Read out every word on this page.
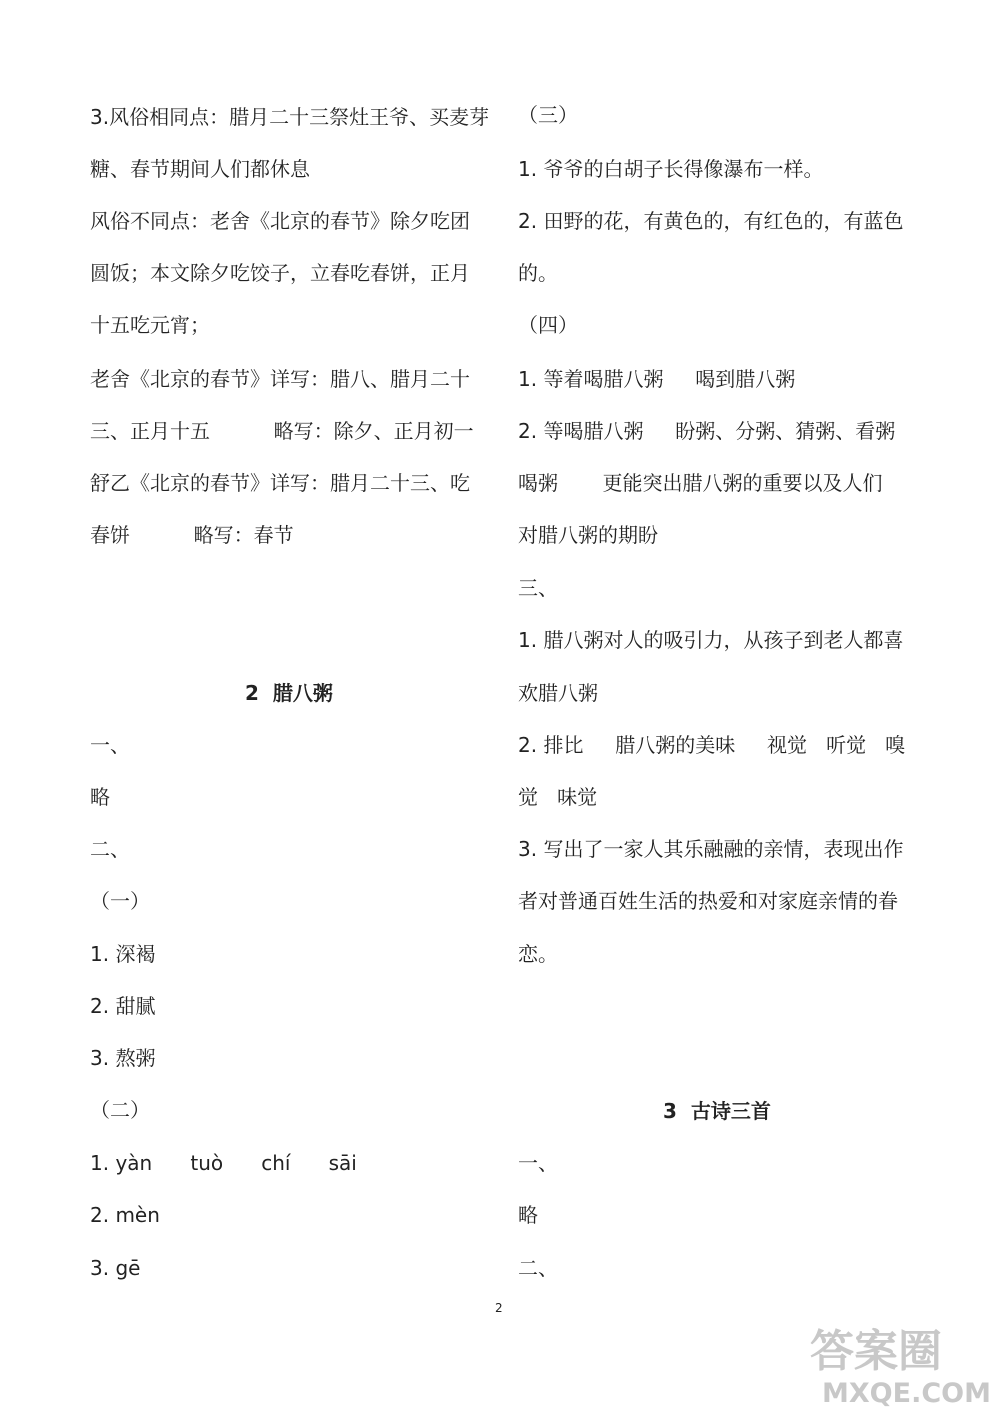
3.风俗相同点：腊月二十三祭灶王爷、买麦芽

糖、春节期间人们都休息

风俗不同点：老舍《北京的春节》除夕吃团

圆饭；本文除夕吃饺子，立春吃春饼，正月

十五吃元宵；

老舍《北京的春节》详写：腊八、腊月二十

三、正月十五          略写：除夕、正月初一

舒乙《北京的春节》详写：腊月二十三、吃

春饼          略写：春节

2  腊八粥

一、

略

二、

（一）

1. 深褐

2. 甜腻

3. 熬粥

（二）

1. yàn      tuò      chí      sāi

2. mèn

3. gē

（三）

1. 爷爷的白胡子长得像瀑布一样。

2. 田野的花，有黄色的，有红色的，有蓝色

的。

（四）

1. 等着喝腊八粥     喝到腊八粥

2. 等喝腊八粥     盼粥、分粥、猜粥、看粥

喝粥       更能突出腊八粥的重要以及人们

对腊八粥的期盼

三、

1. 腊八粥对人的吸引力，从孩子到老人都喜

欢腊八粥

2. 排比     腊八粥的美味     视觉   听觉   嗅

觉   味觉

3. 写出了一家人其乐融融的亲情，表现出作

者对普通百姓生活的热爱和对家庭亲情的眷

恋。

3  古诗三首

一、

略

二、

2

答案圈
MXQE.COM
